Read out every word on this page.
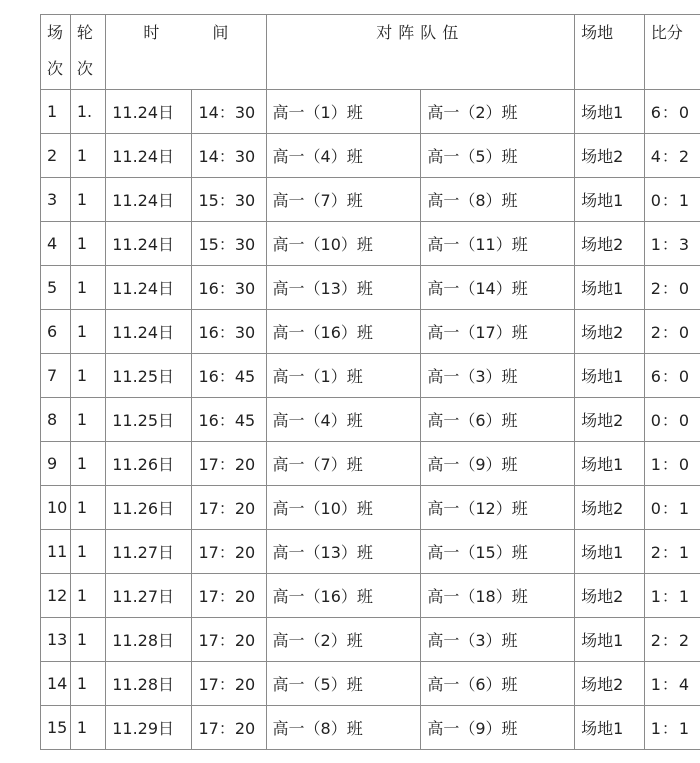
场次	轮次	时 间		对阵队伍		场地	比分
1	1.	11.24日	14：30	高一（1）班	高一（2）班	场地1	6：0
2	1	11.24日	14：30	高一（4）班	高一（5）班	场地2	4：2
3	1	11.24日	15：30	高一（7）班	高一（8）班	场地1	0：1
4	1	11.24日	15：30	高一（10）班	高一（11）班	场地2	1：3
5	1	11.24日	16：30	高一（13）班	高一（14）班	场地1	2：0
6	1	11.24日	16：30	高一（16）班	高一（17）班	场地2	2：0
7	1	11.25日	16：45	高一（1）班	高一（3）班	场地1	6：0
8	1	11.25日	16：45	高一（4）班	高一（6）班	场地2	0：0
9	1	11.26日	17：20	高一（7）班	高一（9）班	场地1	1：0
10	1	11.26日	17：20	高一（10）班	高一（12）班	场地2	0：1
11	1	11.27日	17：20	高一（13）班	高一（15）班	场地1	2：1
12	1	11.27日	17：20	高一（16）班	高一（18）班	场地2	1：1
13	1	11.28日	17：20	高一（2）班	高一（3）班	场地1	2：2
14	1	11.28日	17：20	高一（5）班	高一（6）班	场地2	1：4
15	1	11.29日	17：20	高一（8）班	高一（9）班	场地1	1：1
